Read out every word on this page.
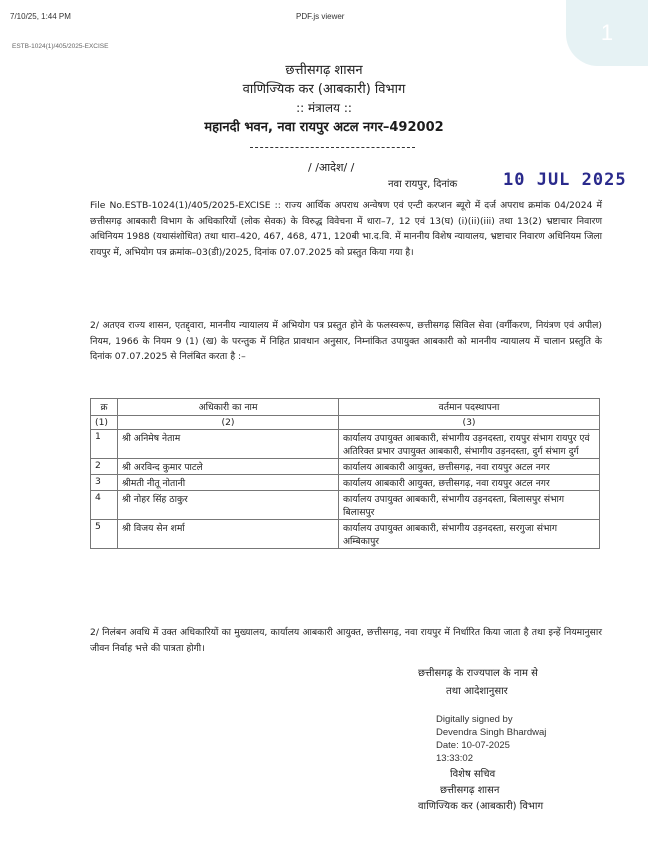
7/10/25, 1:44 PM	PDF.js viewer
ESTB-1024(1)/405/2025-EXCISE
1
छत्तीसगढ़ शासन
वाणिज्यिक कर (आबकारी) विभाग
:: मंत्रालय ::
महानदी भवन, नवा रायपुर अटल नगर–492002
/ /आदेश/ /
नवा रायपुर, दिनांक	10 JUL 2025
File No.ESTB-1024(1)/405/2025-EXCISE :: राज्य आर्थिक अपराध अन्वेषण एवं एन्टी करप्शन ब्यूरो में दर्ज अपराध क्रमांक 04/2024 में छत्तीसगढ़ आबकारी विभाग के अधिकारियों (लोक सेवक) के विरुद्ध विवेचना में धारा–7, 12 एवं 13(घ) (i)(ii)(iii) तथा 13(2) भ्रष्टाचार निवारण अधिनियम 1988 (यथासंशोधित) तथा धारा–420, 467, 468, 471, 120बी भा.द.वि. में माननीय विशेष न्यायालय, भ्रष्टाचार निवारण अधिनियम जिला रायपुर में, अभियोग पत्र क्रमांक–03(डी)/2025, दिनांक 07.07.2025 को प्रस्तुत किया गया है।
2/ अतएव राज्य शासन, एतद्द्वारा, माननीय न्यायालय में अभियोग पत्र प्रस्तुत होने के फलस्वरूप, छत्तीसगढ़ सिविल सेवा (वर्गीकरण, नियंत्रण एवं अपील) नियम, 1966 के नियम 9 (1) (ख) के परन्तुक में निहित प्रावधान अनुसार, निम्नांकित उपायुक्त आबकारी को माननीय न्यायालय में चालान प्रस्तुति के दिनांक 07.07.2025 से निलंबित करता है :–
क्र	अधिकारी का नाम	वर्तमान पदस्थापना
(1)	(2)	(3)
1	श्री अनिमेष नेताम	कार्यालय उपायुक्त आबकारी, संभागीय उड़नदस्ता, रायपुर संभाग रायपुर एवं अतिरिक्त प्रभार उपायुक्त आबकारी, संभागीय उड़नदस्ता, दुर्ग संभाग दुर्ग
2	श्री अरविन्द कुमार पाटले	कार्यालय आबकारी आयुक्त, छत्तीसगढ़, नवा रायपुर अटल नगर
3	श्रीमती नीतू नोतानी	कार्यालय आबकारी आयुक्त, छत्तीसगढ़, नवा रायपुर अटल नगर
4	श्री नोहर सिंह ठाकुर	कार्यालय उपायुक्त आबकारी, संभागीय उड़नदस्ता, बिलासपुर संभाग बिलासपुर
5	श्री विजय सेन शर्मा	कार्यालय उपायुक्त आबकारी, संभागीय उड़नदस्ता, सरगुजा संभाग अम्बिकापुर
2/ निलंबन अवधि में उक्त अधिकारियों का मुख्यालय, कार्यालय आबकारी आयुक्त, छत्तीसगढ़, नवा रायपुर में निर्धारित किया जाता है तथा इन्हें नियमानुसार जीवन निर्वाह भत्ते की पात्रता होगी।
छत्तीसगढ़ के राज्यपाल के नाम से
तथा आदेशानुसार
Digitally signed by
Devendra Singh Bhardwaj
Date: 10-07-2025
13:33:02
विशेष सचिव
छत्तीसगढ़ शासन
वाणिज्यिक कर (आबकारी) विभाग
